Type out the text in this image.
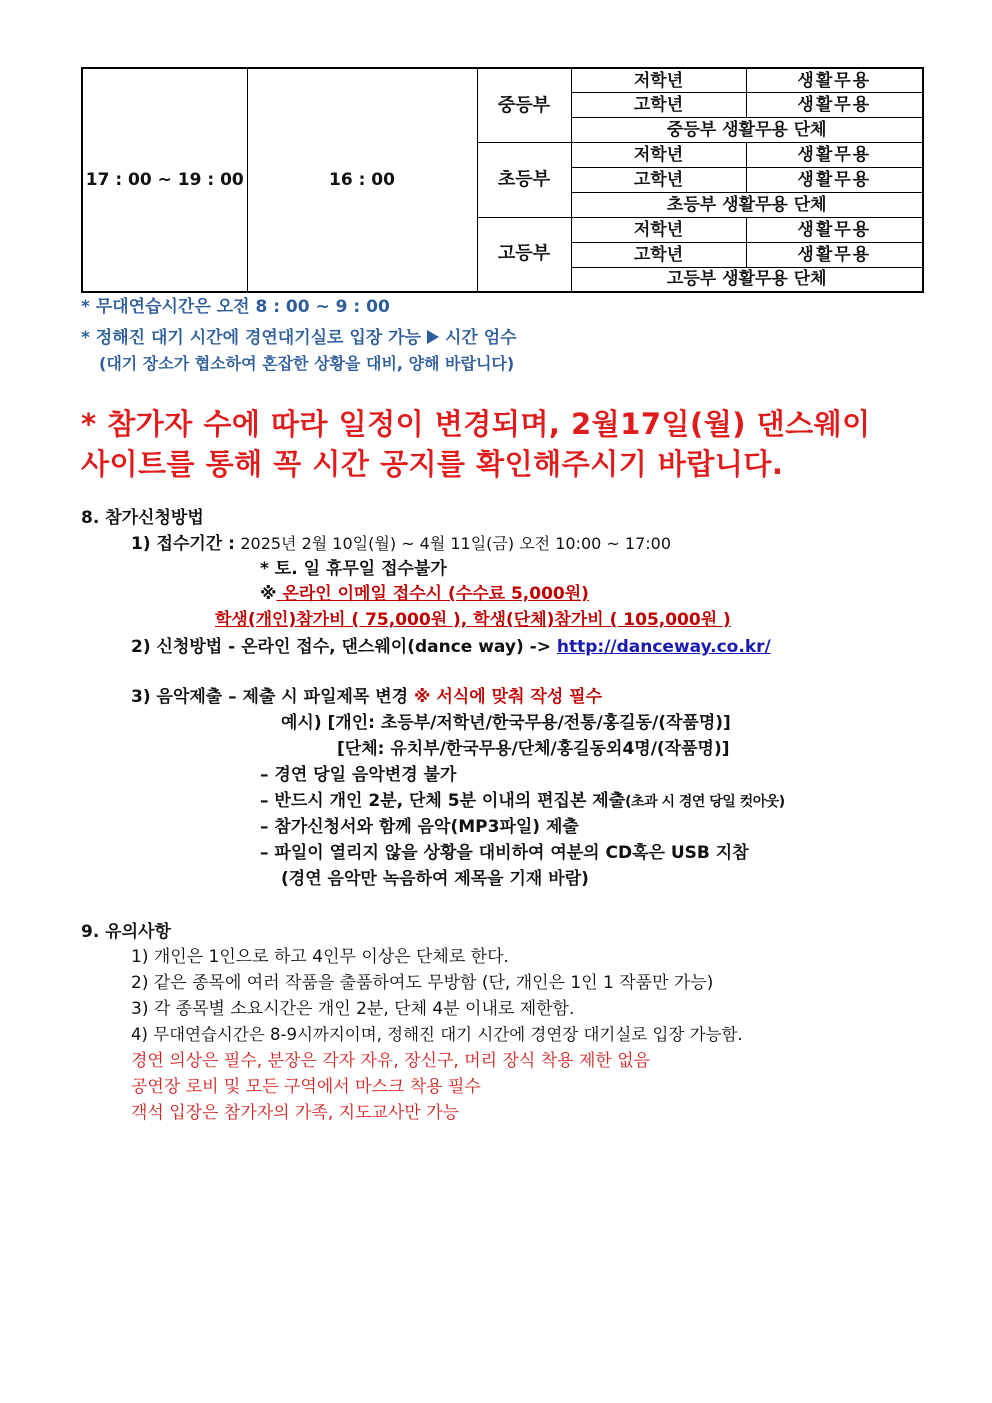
17 : 00 ~ 19 : 00	16 : 00	중등부	저학년	생활무용
			고학년	생활무용
			중등부 생활무용 단체	
		초등부	저학년	생활무용
			고학년	생활무용
			초등부 생활무용 단체	
		고등부	저학년	생활무용
			고학년	생활무용
			고등부 생활무용 단체	
* 무대연습시간은 오전 8 : 00 ~ 9 : 00
* 정해진 대기 시간에 경연대기실로 입장 가능 시간 엄수
(대기 장소가 협소하여 혼잡한 상황을 대비, 양해 바랍니다)
* 참가자 수에 따라 일정이 변경되며, 2월17일(월) 댄스웨이
사이트를 통해 꼭 시간 공지를 확인해주시기 바랍니다.
8. 참가신청방법
1) 접수기간 : 2025년 2월 10일(월) ~ 4월 11일(금) 오전 10:00 ~ 17:00
* 토. 일 휴무일 접수불가
※ 온라인 이메일 접수시 (수수료 5,000원)
학생(개인)참가비 ( 75,000원 ), 학생(단체)참가비 ( 105,000원 )
2) 신청방법 - 온라인 접수, 댄스웨이(dance way) -> http://danceway.co.kr/
3) 음악제출 – 제출 시 파일제목 변경 ※ 서식에 맞춰 작성 필수
예시) [개인: 초등부/저학년/한국무용/전통/홍길동/(작품명)]
[단체: 유치부/한국무용/단체/홍길동외4명/(작품명)]
– 경연 당일 음악변경 불가
– 반드시 개인 2분, 단체 5분 이내의 편집본 제출(초과 시 경연 당일 컷아웃)
– 참가신청서와 함께 음악(MP3파일) 제출
– 파일이 열리지 않을 상황을 대비하여 여분의 CD혹은 USB 지참
(경연 음악만 녹음하여 제목을 기재 바람)
9. 유의사항
1) 개인은 1인으로 하고 4인무 이상은 단체로 한다.
2) 같은 종목에 여러 작품을 출품하여도 무방함 (단, 개인은 1인 1 작품만 가능)
3) 각 종목별 소요시간은 개인 2분, 단체 4분 이내로 제한함.
4) 무대연습시간은 8-9시까지이며, 정해진 대기 시간에 경연장 대기실로 입장 가능함.
경연 의상은 필수, 분장은 각자 자유, 장신구, 머리 장식 착용 제한 없음
공연장 로비 및 모든 구역에서 마스크 착용 필수
객석 입장은 참가자의 가족, 지도교사만 가능
